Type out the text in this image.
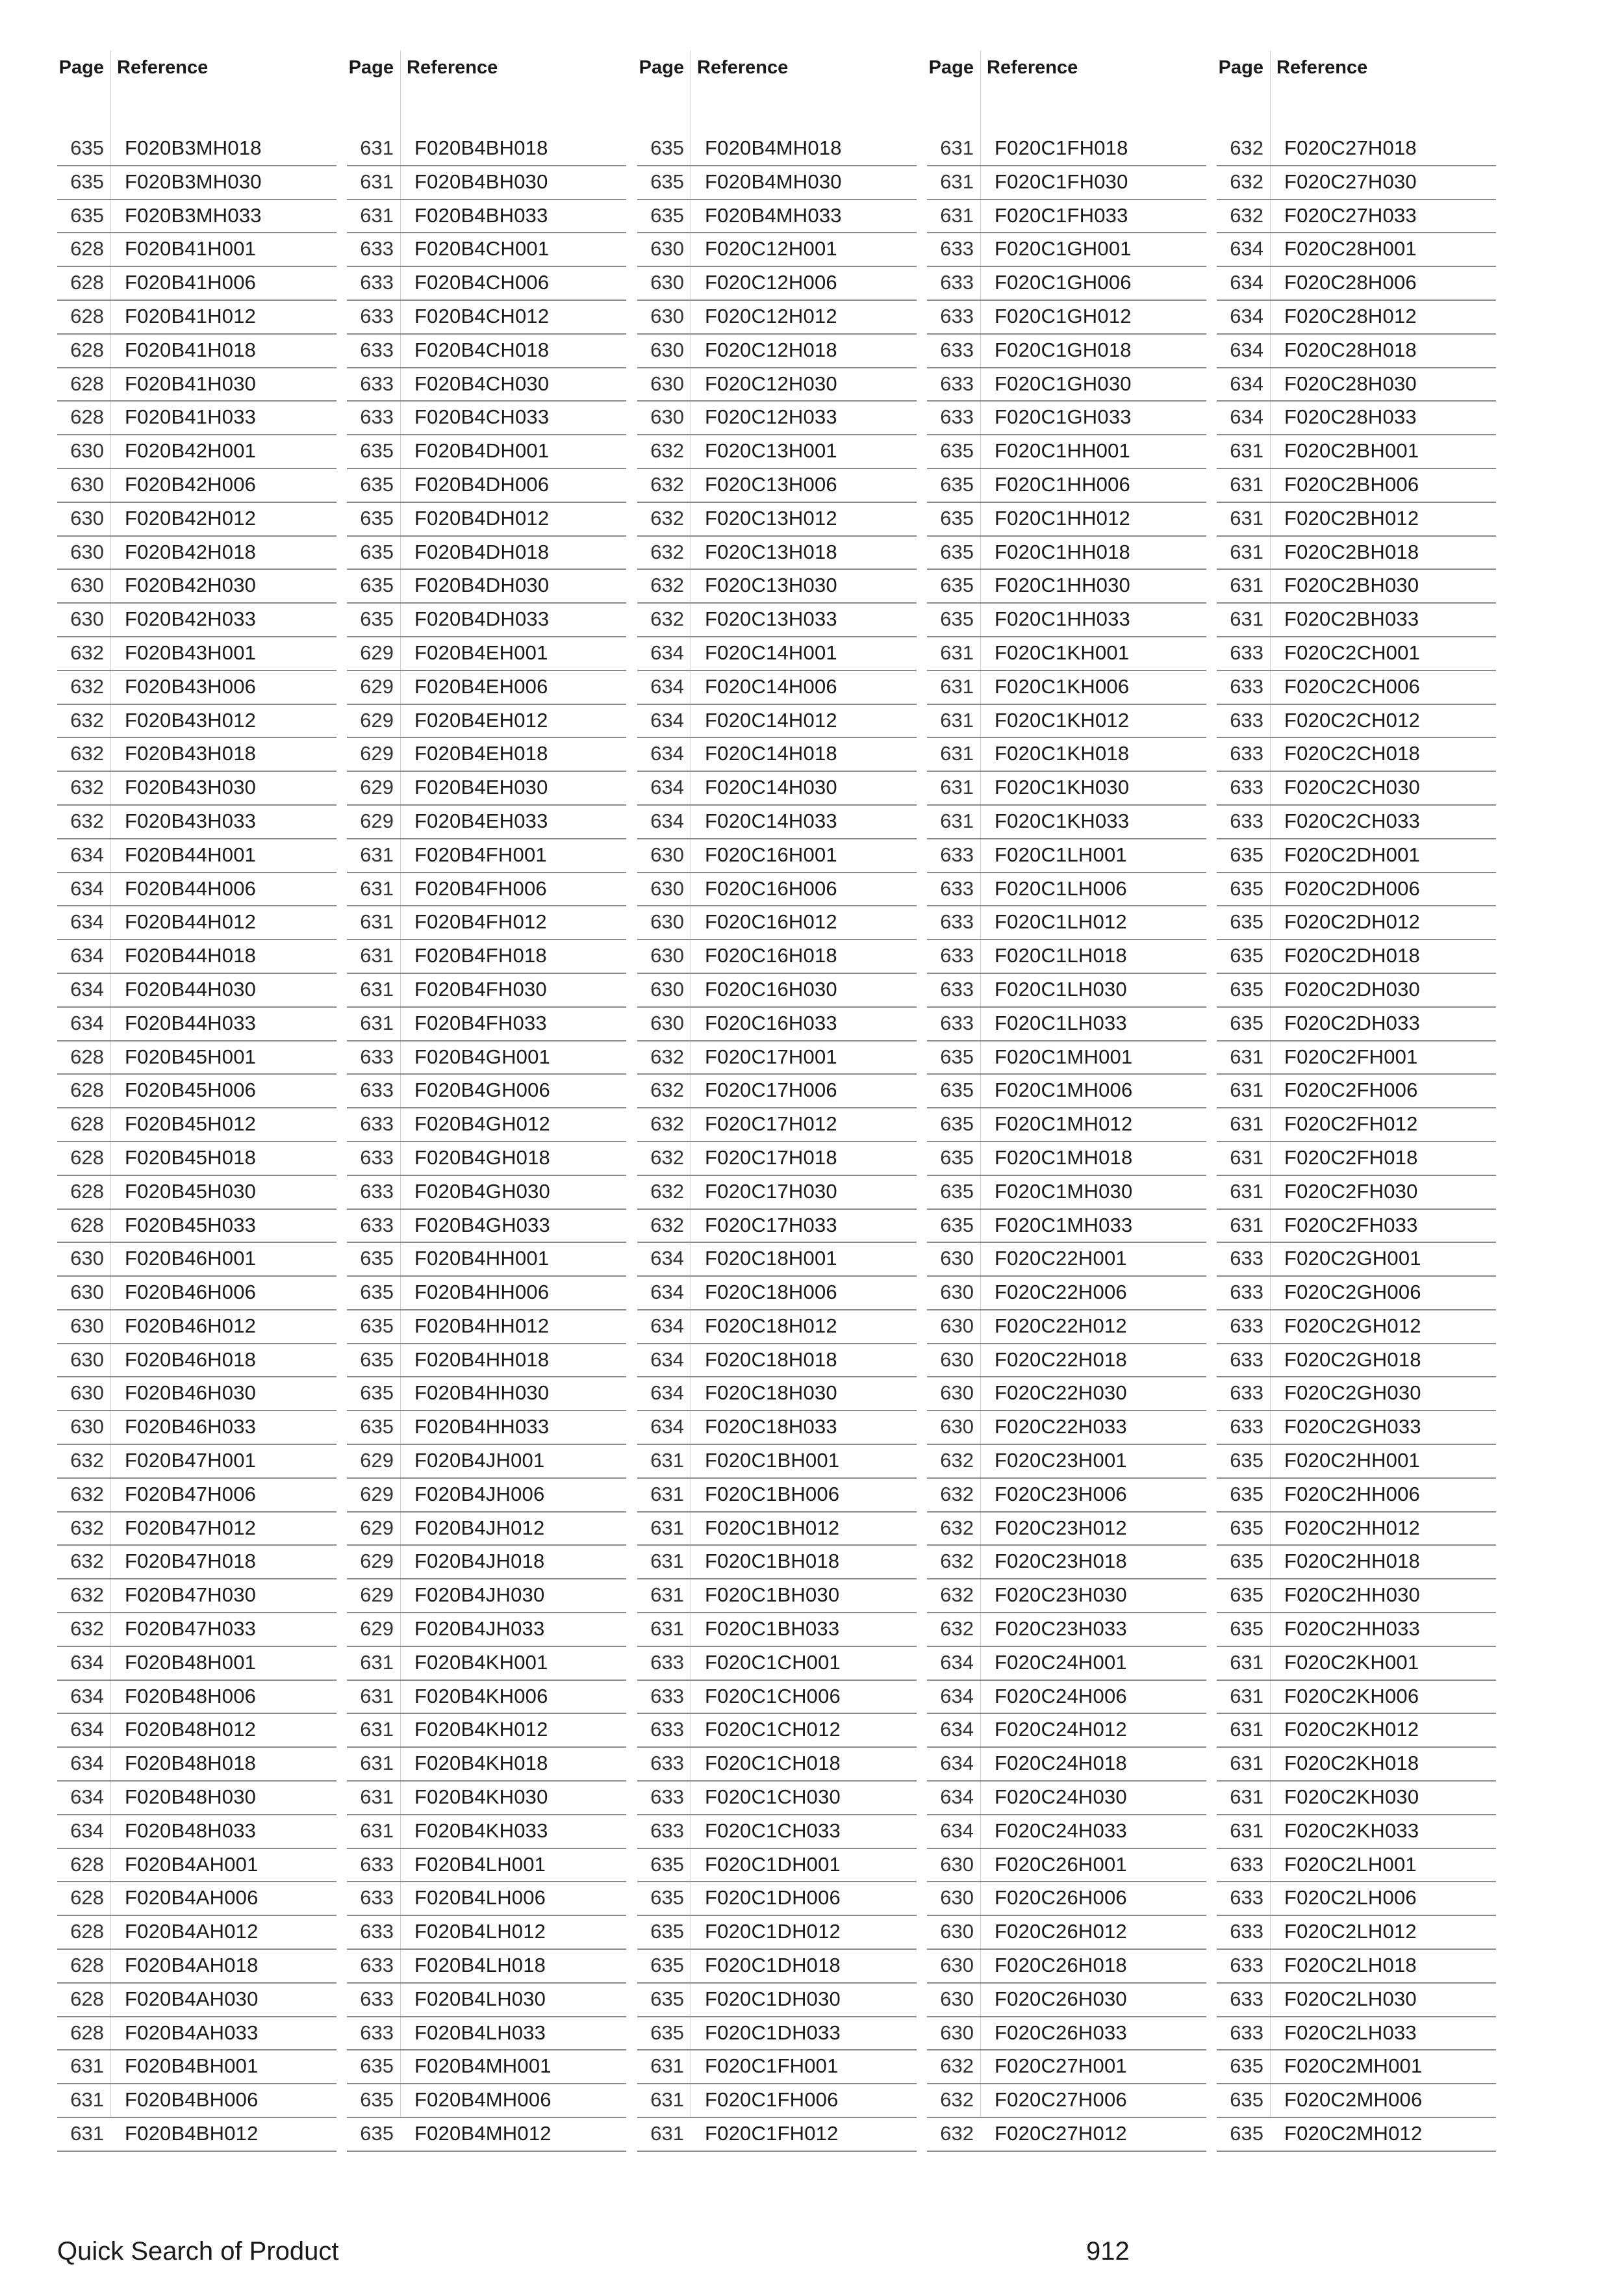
Page Reference
635 F020B3MH018
635 F020B3MH030
635 F020B3MH033
628 F020B41H001
628 F020B41H006
628 F020B41H012
628 F020B41H018
628 F020B41H030
628 F020B41H033
630 F020B42H001
630 F020B42H006
630 F020B42H012
630 F020B42H018
630 F020B42H030
630 F020B42H033
632 F020B43H001
632 F020B43H006
632 F020B43H012
632 F020B43H018
632 F020B43H030
632 F020B43H033
634 F020B44H001
634 F020B44H006
634 F020B44H012
634 F020B44H018
634 F020B44H030
634 F020B44H033
628 F020B45H001
628 F020B45H006
628 F020B45H012
628 F020B45H018
628 F020B45H030
628 F020B45H033
630 F020B46H001
630 F020B46H006
630 F020B46H012
630 F020B46H018
630 F020B46H030
630 F020B46H033
632 F020B47H001
632 F020B47H006
632 F020B47H012
632 F020B47H018
632 F020B47H030
632 F020B47H033
634 F020B48H001
634 F020B48H006
634 F020B48H012
634 F020B48H018
634 F020B48H030
634 F020B48H033
628 F020B4AH001
628 F020B4AH006
628 F020B4AH012
628 F020B4AH018
628 F020B4AH030
628 F020B4AH033
631 F020B4BH001
631 F020B4BH006
631 F020B4BH012
Page Reference
631 F020B4BH018
631 F020B4BH030
631 F020B4BH033
633 F020B4CH001
633 F020B4CH006
633 F020B4CH012
633 F020B4CH018
633 F020B4CH030
633 F020B4CH033
635 F020B4DH001
635 F020B4DH006
635 F020B4DH012
635 F020B4DH018
635 F020B4DH030
635 F020B4DH033
629 F020B4EH001
629 F020B4EH006
629 F020B4EH012
629 F020B4EH018
629 F020B4EH030
629 F020B4EH033
631 F020B4FH001
631 F020B4FH006
631 F020B4FH012
631 F020B4FH018
631 F020B4FH030
631 F020B4FH033
633 F020B4GH001
633 F020B4GH006
633 F020B4GH012
633 F020B4GH018
633 F020B4GH030
633 F020B4GH033
635 F020B4HH001
635 F020B4HH006
635 F020B4HH012
635 F020B4HH018
635 F020B4HH030
635 F020B4HH033
629 F020B4JH001
629 F020B4JH006
629 F020B4JH012
629 F020B4JH018
629 F020B4JH030
629 F020B4JH033
631 F020B4KH001
631 F020B4KH006
631 F020B4KH012
631 F020B4KH018
631 F020B4KH030
631 F020B4KH033
633 F020B4LH001
633 F020B4LH006
633 F020B4LH012
633 F020B4LH018
633 F020B4LH030
633 F020B4LH033
635 F020B4MH001
635 F020B4MH006
635 F020B4MH012
Page Reference
635 F020B4MH018
635 F020B4MH030
635 F020B4MH033
630 F020C12H001
630 F020C12H006
630 F020C12H012
630 F020C12H018
630 F020C12H030
630 F020C12H033
632 F020C13H001
632 F020C13H006
632 F020C13H012
632 F020C13H018
632 F020C13H030
632 F020C13H033
634 F020C14H001
634 F020C14H006
634 F020C14H012
634 F020C14H018
634 F020C14H030
634 F020C14H033
630 F020C16H001
630 F020C16H006
630 F020C16H012
630 F020C16H018
630 F020C16H030
630 F020C16H033
632 F020C17H001
632 F020C17H006
632 F020C17H012
632 F020C17H018
632 F020C17H030
632 F020C17H033
634 F020C18H001
634 F020C18H006
634 F020C18H012
634 F020C18H018
634 F020C18H030
634 F020C18H033
631 F020C1BH001
631 F020C1BH006
631 F020C1BH012
631 F020C1BH018
631 F020C1BH030
631 F020C1BH033
633 F020C1CH001
633 F020C1CH006
633 F020C1CH012
633 F020C1CH018
633 F020C1CH030
633 F020C1CH033
635 F020C1DH001
635 F020C1DH006
635 F020C1DH012
635 F020C1DH018
635 F020C1DH030
635 F020C1DH033
631 F020C1FH001
631 F020C1FH006
631 F020C1FH012
Page Reference
631 F020C1FH018
631 F020C1FH030
631 F020C1FH033
633 F020C1GH001
633 F020C1GH006
633 F020C1GH012
633 F020C1GH018
633 F020C1GH030
633 F020C1GH033
635 F020C1HH001
635 F020C1HH006
635 F020C1HH012
635 F020C1HH018
635 F020C1HH030
635 F020C1HH033
631 F020C1KH001
631 F020C1KH006
631 F020C1KH012
631 F020C1KH018
631 F020C1KH030
631 F020C1KH033
633 F020C1LH001
633 F020C1LH006
633 F020C1LH012
633 F020C1LH018
633 F020C1LH030
633 F020C1LH033
635 F020C1MH001
635 F020C1MH006
635 F020C1MH012
635 F020C1MH018
635 F020C1MH030
635 F020C1MH033
630 F020C22H001
630 F020C22H006
630 F020C22H012
630 F020C22H018
630 F020C22H030
630 F020C22H033
632 F020C23H001
632 F020C23H006
632 F020C23H012
632 F020C23H018
632 F020C23H030
632 F020C23H033
634 F020C24H001
634 F020C24H006
634 F020C24H012
634 F020C24H018
634 F020C24H030
634 F020C24H033
630 F020C26H001
630 F020C26H006
630 F020C26H012
630 F020C26H018
630 F020C26H030
630 F020C26H033
632 F020C27H001
632 F020C27H006
632 F020C27H012
Page Reference
632 F020C27H018
632 F020C27H030
632 F020C27H033
634 F020C28H001
634 F020C28H006
634 F020C28H012
634 F020C28H018
634 F020C28H030
634 F020C28H033
631 F020C2BH001
631 F020C2BH006
631 F020C2BH012
631 F020C2BH018
631 F020C2BH030
631 F020C2BH033
633 F020C2CH001
633 F020C2CH006
633 F020C2CH012
633 F020C2CH018
633 F020C2CH030
633 F020C2CH033
635 F020C2DH001
635 F020C2DH006
635 F020C2DH012
635 F020C2DH018
635 F020C2DH030
635 F020C2DH033
631 F020C2FH001
631 F020C2FH006
631 F020C2FH012
631 F020C2FH018
631 F020C2FH030
631 F020C2FH033
633 F020C2GH001
633 F020C2GH006
633 F020C2GH012
633 F020C2GH018
633 F020C2GH030
633 F020C2GH033
635 F020C2HH001
635 F020C2HH006
635 F020C2HH012
635 F020C2HH018
635 F020C2HH030
635 F020C2HH033
631 F020C2KH001
631 F020C2KH006
631 F020C2KH012
631 F020C2KH018
631 F020C2KH030
631 F020C2KH033
633 F020C2LH001
633 F020C2LH006
633 F020C2LH012
633 F020C2LH018
633 F020C2LH030
633 F020C2LH033
635 F020C2MH001
635 F020C2MH006
635 F020C2MH012
Quick Search of Product	912
